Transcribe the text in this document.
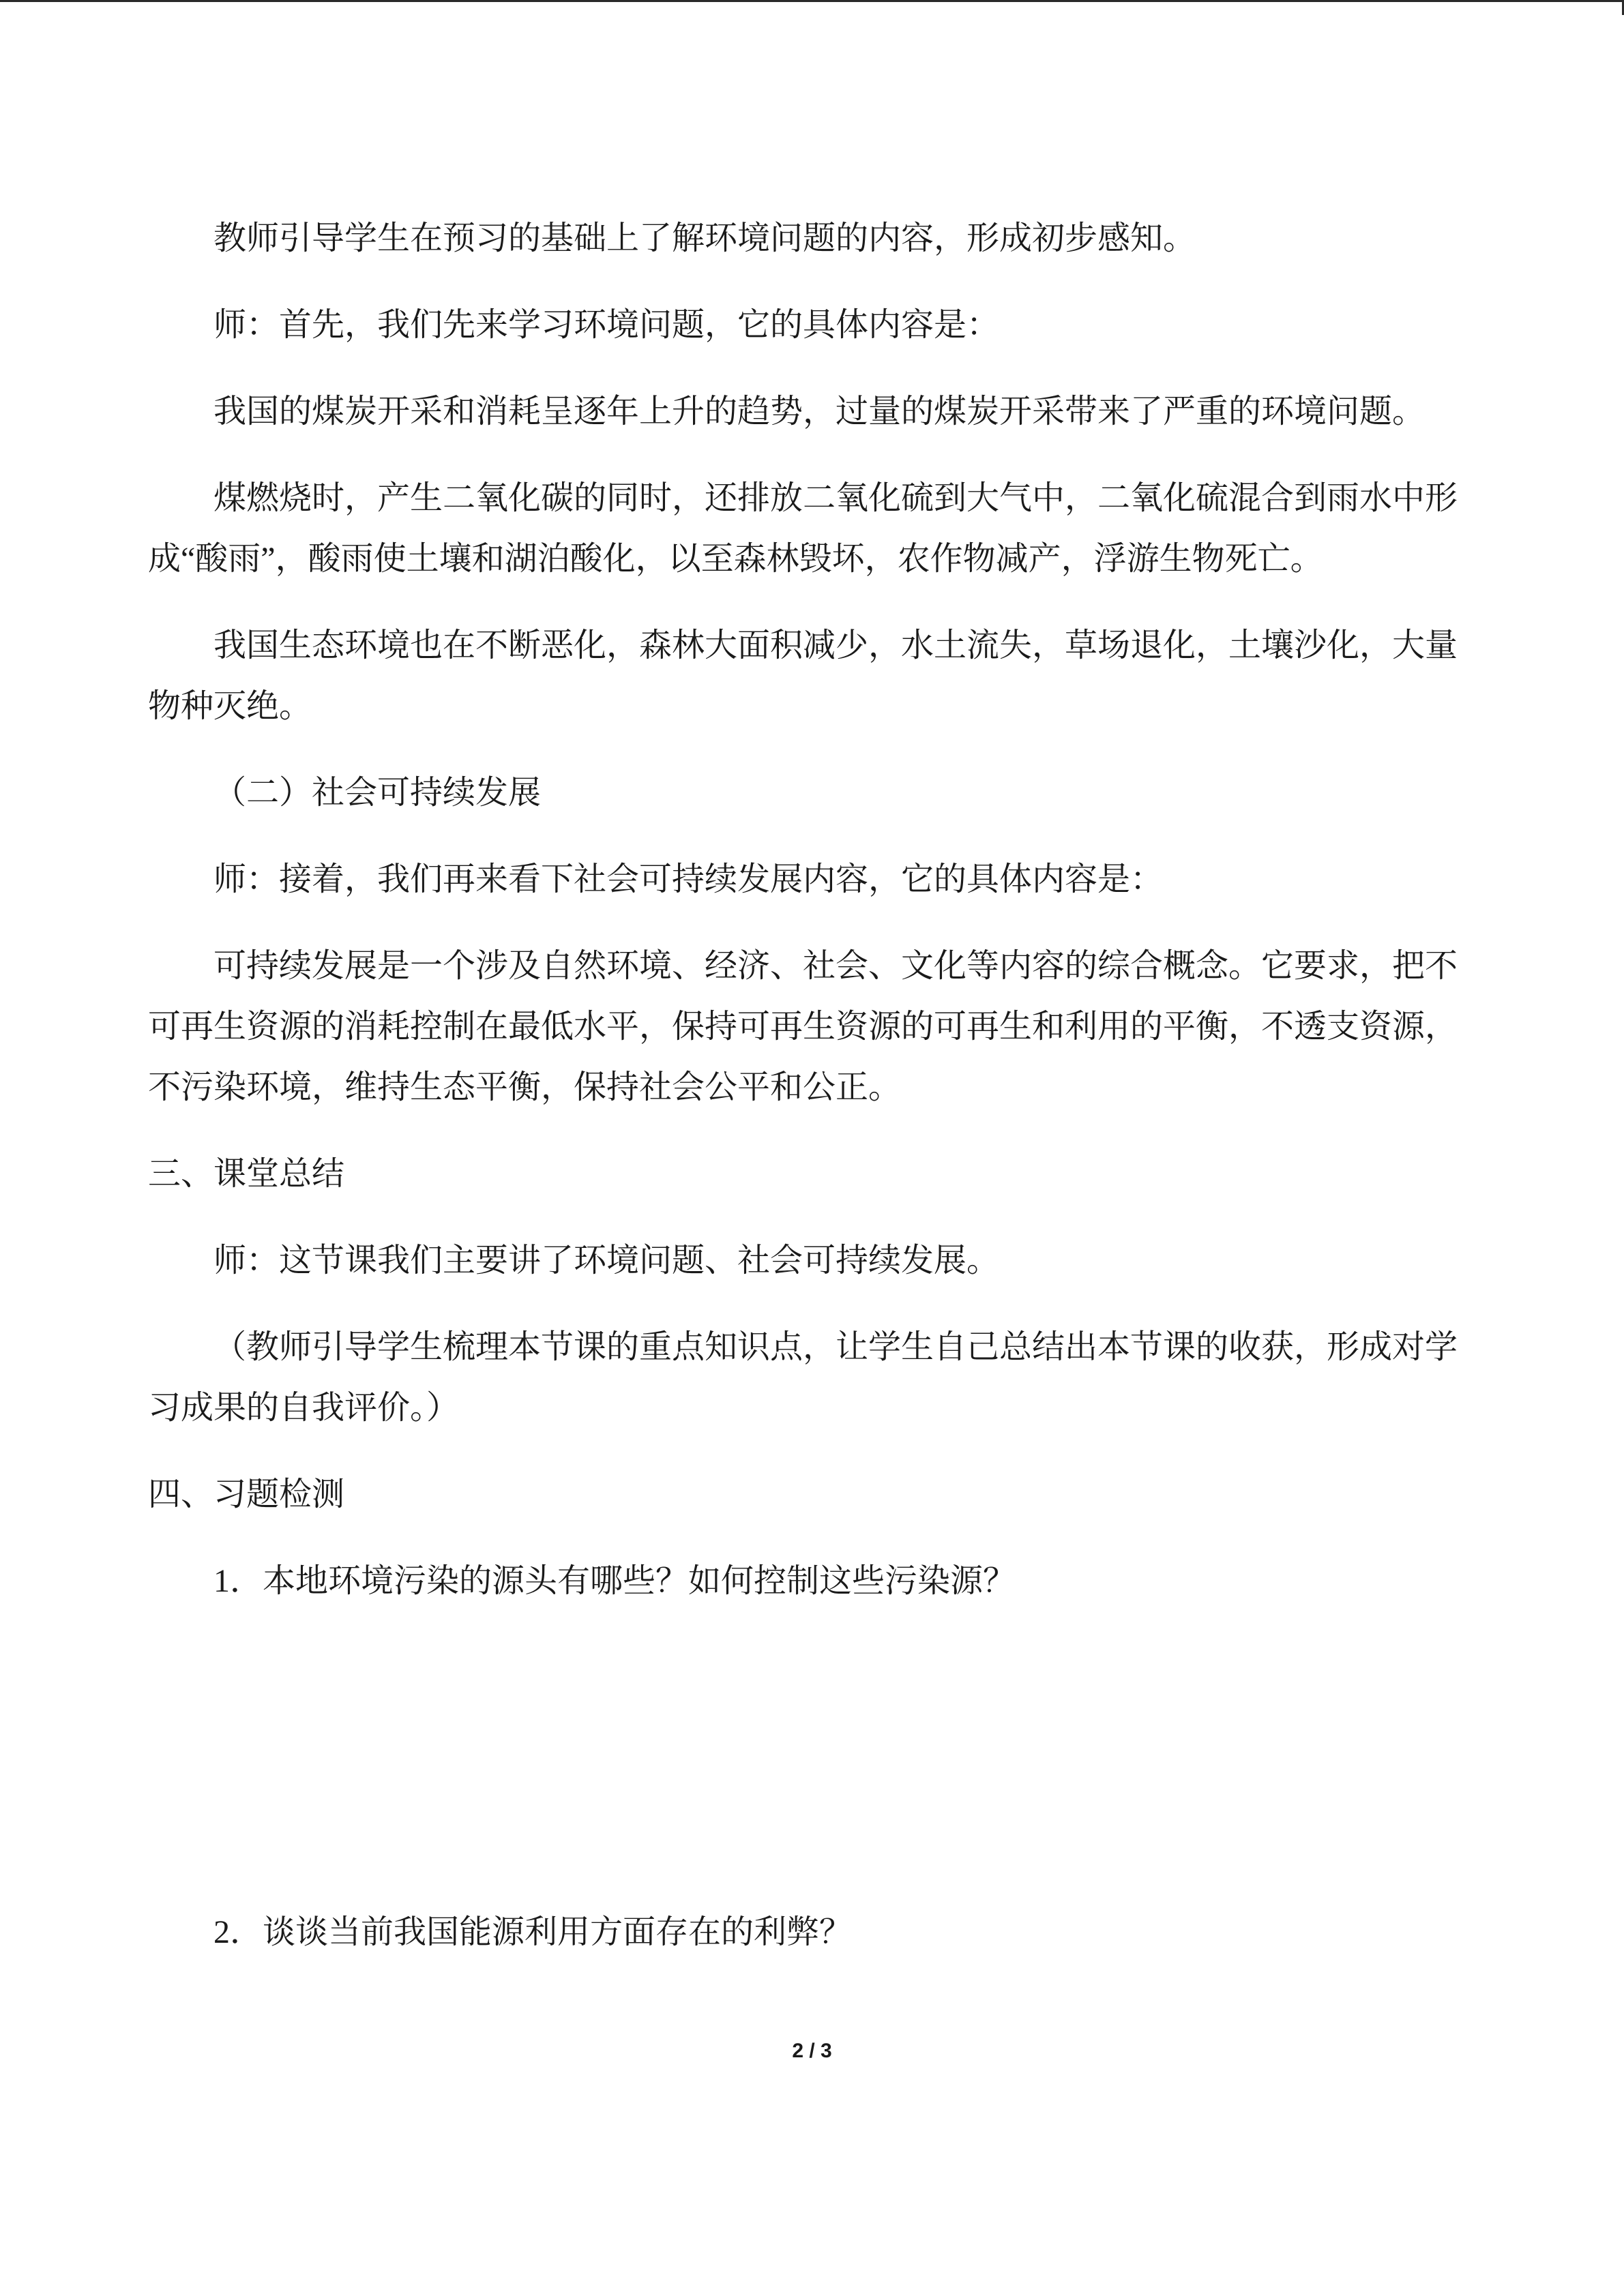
教师引导学生在预习的基础上了解环境问题的内容，形成初步感知。

师：首先，我们先来学习环境问题，它的具体内容是：

我国的煤炭开采和消耗呈逐年上升的趋势，过量的煤炭开采带来了严重的环境问题。

煤燃烧时，产生二氧化碳的同时，还排放二氧化硫到大气中，二氧化硫混合到雨水中形成“酸雨”，酸雨使土壤和湖泊酸化，以至森林毁坏，农作物减产，浮游生物死亡。

我国生态环境也在不断恶化，森林大面积减少，水土流失，草场退化，土壤沙化，大量物种灭绝。

（二）社会可持续发展

师：接着，我们再来看下社会可持续发展内容，它的具体内容是：

可持续发展是一个涉及自然环境、经济、社会、文化等内容的综合概念。它要求，把不可再生资源的消耗控制在最低水平，保持可再生资源的可再生和利用的平衡，不透支资源，不污染环境，维持生态平衡，保持社会公平和公正。

三、课堂总结

师：这节课我们主要讲了环境问题、社会可持续发展。

（教师引导学生梳理本节课的重点知识点，让学生自己总结出本节课的收获，形成对学习成果的自我评价。）

四、习题检测

1．本地环境污染的源头有哪些？如何控制这些污染源？

2．谈谈当前我国能源利用方面存在的利弊？

2 / 3
